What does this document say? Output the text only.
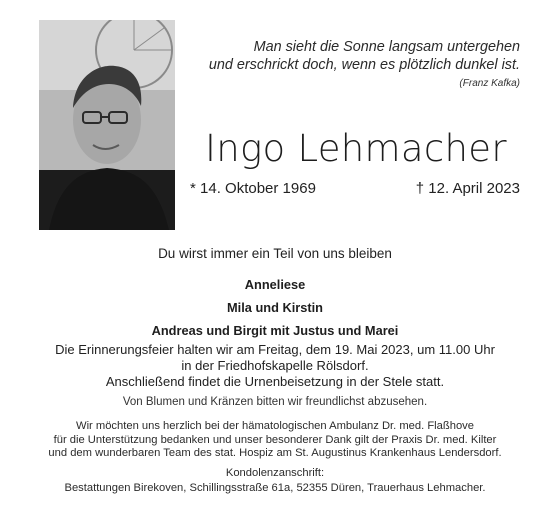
Man sieht die Sonne langsam untergehen
und erschrickt doch, wenn es plötzlich dunkel ist.
(Franz Kafka)
Ingo Lehmacher
* 14. Oktober 1969	† 12. April 2023
Du wirst immer ein Teil von uns bleiben
Anneliese
Mila und Kirstin
Andreas und Birgit mit Justus und Marei
Die Erinnerungsfeier halten wir am Freitag, dem 19. Mai 2023, um 11.00 Uhr
in der Friedhofskapelle Rölsdorf.
Anschließend findet die Urnenbeisetzung in der Stele statt.
Von Blumen und Kränzen bitten wir freundlichst abzusehen.
Wir möchten uns herzlich bei der hämatologischen Ambulanz Dr. med. Flaßhove
für die Unterstützung bedanken und unser besonderer Dank gilt der Praxis Dr. med. Kilter
und dem wunderbaren Team des stat. Hospiz am St. Augustinus Krankenhaus Lendersdorf.
Kondolenzanschrift:
Bestattungen Birekoven, Schillingsstraße 61a, 52355 Düren, Trauerhaus Lehmacher.
